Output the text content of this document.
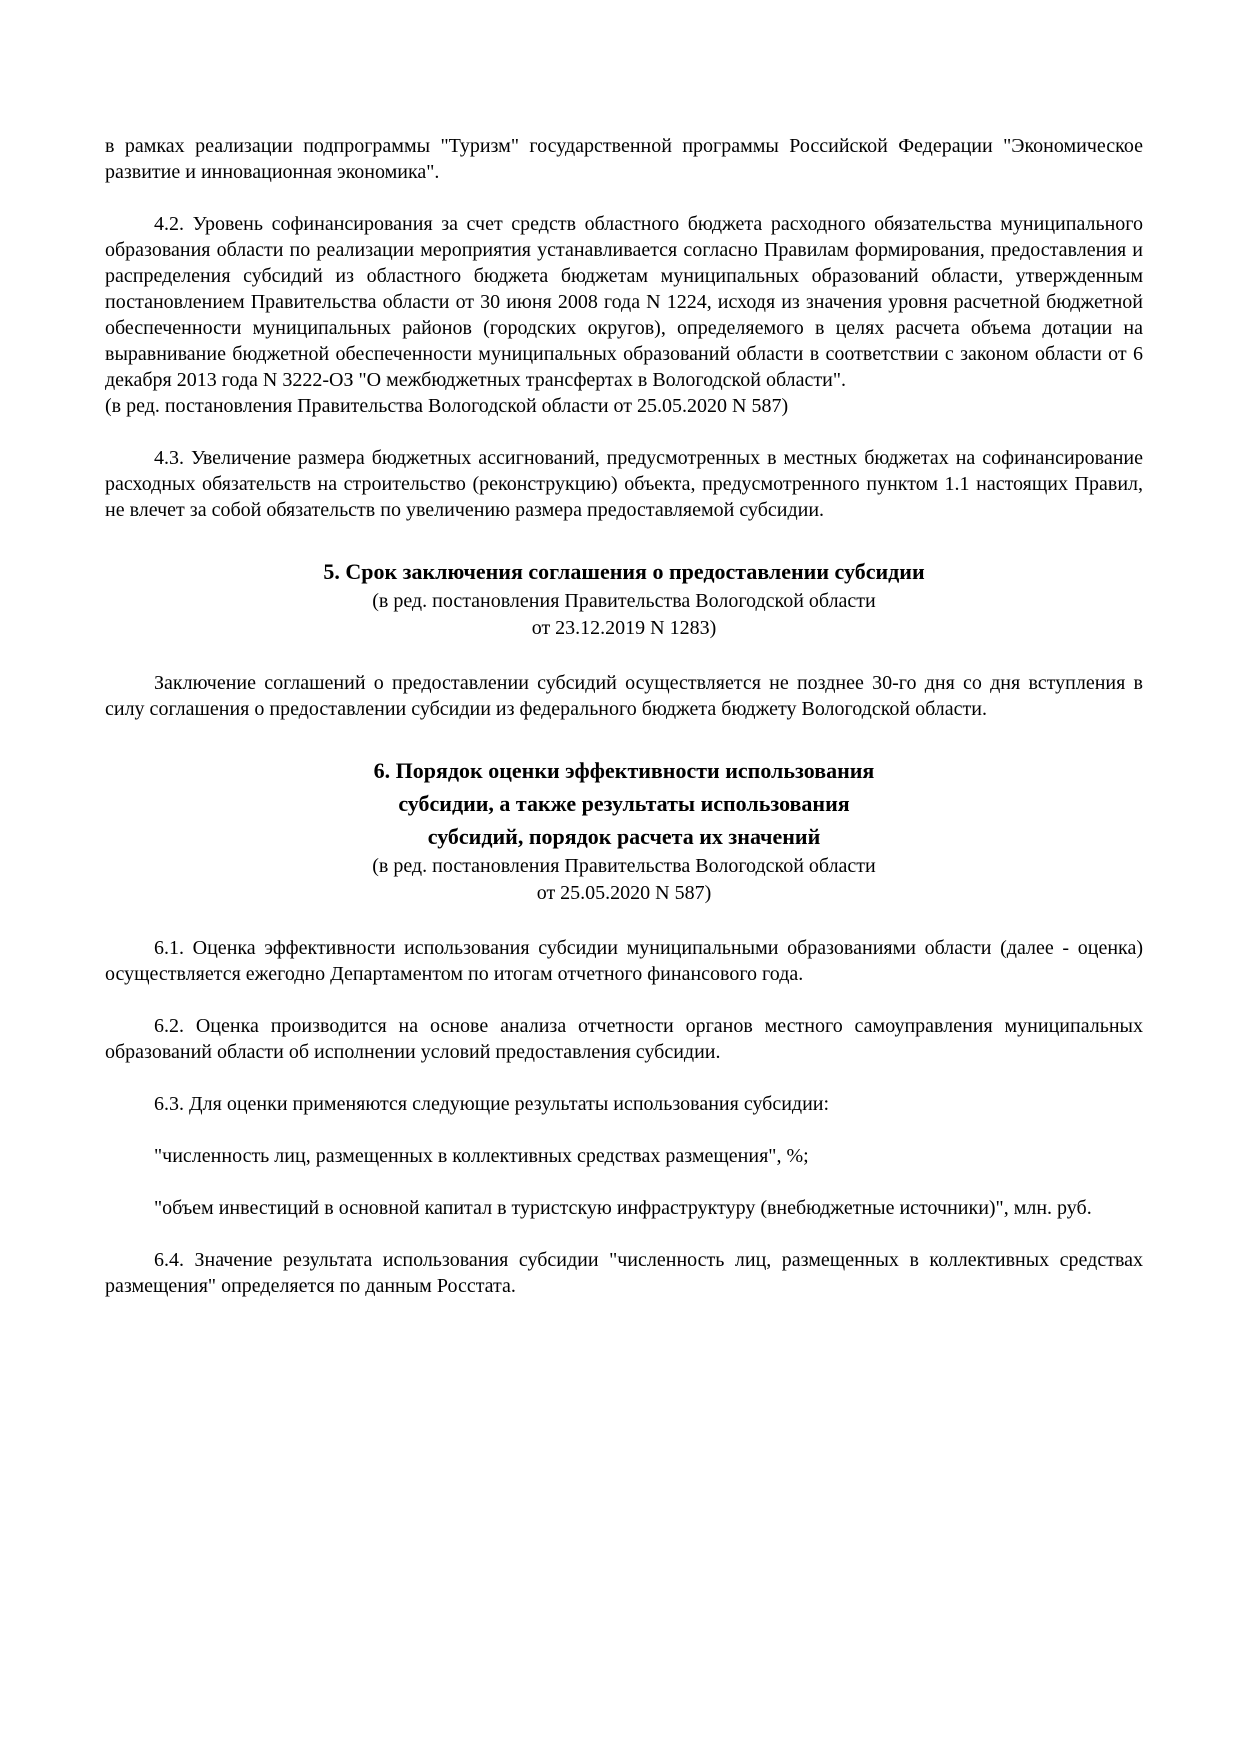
в рамках реализации подпрограммы "Туризм" государственной программы Российской Федерации "Экономическое развитие и инновационная экономика".

4.2. Уровень софинансирования за счет средств областного бюджета расходного обязательства муниципального образования области по реализации мероприятия устанавливается согласно Правилам формирования, предоставления и распределения субсидий из областного бюджета бюджетам муниципальных образований области, утвержденным постановлением Правительства области от 30 июня 2008 года N 1224, исходя из значения уровня расчетной бюджетной обеспеченности муниципальных районов (городских округов), определяемого в целях расчета объема дотации на выравнивание бюджетной обеспеченности муниципальных образований области в соответствии с законом области от 6 декабря 2013 года N 3222-ОЗ "О межбюджетных трансфертах в Вологодской области".

(в ред. постановления Правительства Вологодской области от 25.05.2020 N 587)

4.3. Увеличение размера бюджетных ассигнований, предусмотренных в местных бюджетах на софинансирование расходных обязательств на строительство (реконструкцию) объекта, предусмотренного пунктом 1.1 настоящих Правил, не влечет за собой обязательств по увеличению размера предоставляемой субсидии.

5. Срок заключения соглашения о предоставлении субсидии
(в ред. постановления Правительства Вологодской области
от 23.12.2019 N 1283)

Заключение соглашений о предоставлении субсидий осуществляется не позднее 30-го дня со дня вступления в силу соглашения о предоставлении субсидии из федерального бюджета бюджету Вологодской области.

6. Порядок оценки эффективности использования
субсидии, а также результаты использования
субсидий, порядок расчета их значений
(в ред. постановления Правительства Вологодской области
от 25.05.2020 N 587)

6.1. Оценка эффективности использования субсидии муниципальными образованиями области (далее - оценка) осуществляется ежегодно Департаментом по итогам отчетного финансового года.

6.2. Оценка производится на основе анализа отчетности органов местного самоуправления муниципальных образований области об исполнении условий предоставления субсидии.

6.3. Для оценки применяются следующие результаты использования субсидии:

"численность лиц, размещенных в коллективных средствах размещения", %;

"объем инвестиций в основной капитал в туристскую инфраструктуру (внебюджетные источники)", млн. руб.

6.4. Значение результата использования субсидии "численность лиц, размещенных в коллективных средствах размещения" определяется по данным Росстата.
